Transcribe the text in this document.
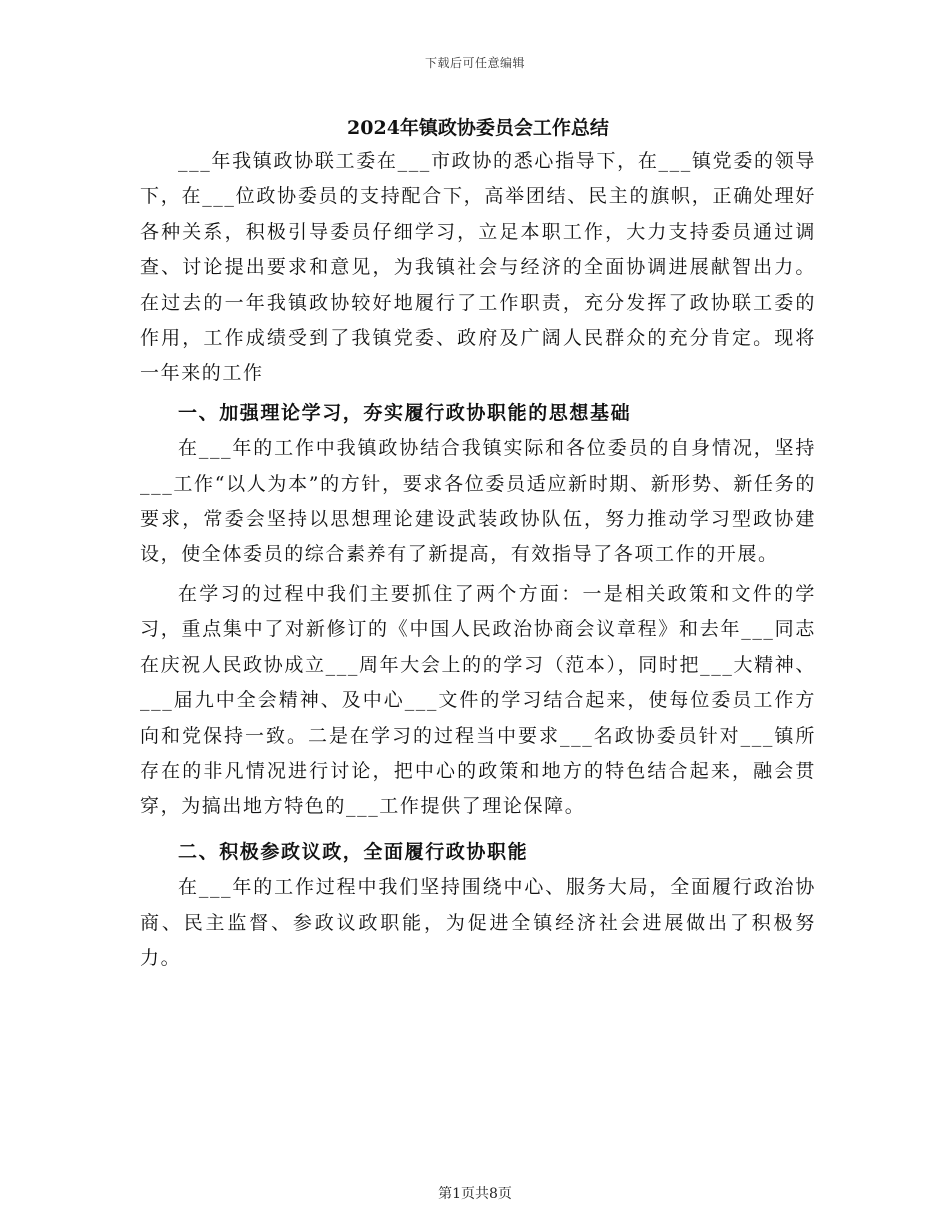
下载后可任意编辑
2024年镇政协委员会工作总结

___年我镇政协联工委在___市政协的悉心指导下，在___镇党委的领导下，在___位政协委员的支持配合下，高举团结、民主的旗帜，正确处理好各种关系，积极引导委员仔细学习，立足本职工作，大力支持委员通过调查、讨论提出要求和意见，为我镇社会与经济的全面协调进展献智出力。在过去的一年我镇政协较好地履行了工作职责，充分发挥了政协联工委的作用，工作成绩受到了我镇党委、政府及广阔人民群众的充分肯定。现将一年来的工作

一、加强理论学习，夯实履行政协职能的思想基础

在___年的工作中我镇政协结合我镇实际和各位委员的自身情况，坚持___工作“以人为本”的方针，要求各位委员适应新时期、新形势、新任务的要求，常委会坚持以思想理论建设武装政协队伍，努力推动学习型政协建设，使全体委员的综合素养有了新提高，有效指导了各项工作的开展。

在学习的过程中我们主要抓住了两个方面：一是相关政策和文件的学习，重点集中了对新修订的《中国人民政治协商会议章程》和去年___同志在庆祝人民政协成立___周年大会上的的学习（范本），同时把___大精神、___届九中全会精神、及中心___文件的学习结合起来，使每位委员工作方向和党保持一致。二是在学习的过程当中要求___名政协委员针对___镇所存在的非凡情况进行讨论，把中心的政策和地方的特色结合起来，融会贯穿，为搞出地方特色的___工作提供了理论保障。

二、积极参政议政，全面履行政协职能

在___年的工作过程中我们坚持围绕中心、服务大局，全面履行政治协商、民主监督、参政议政职能，为促进全镇经济社会进展做出了积极努力。

第1页共8页
